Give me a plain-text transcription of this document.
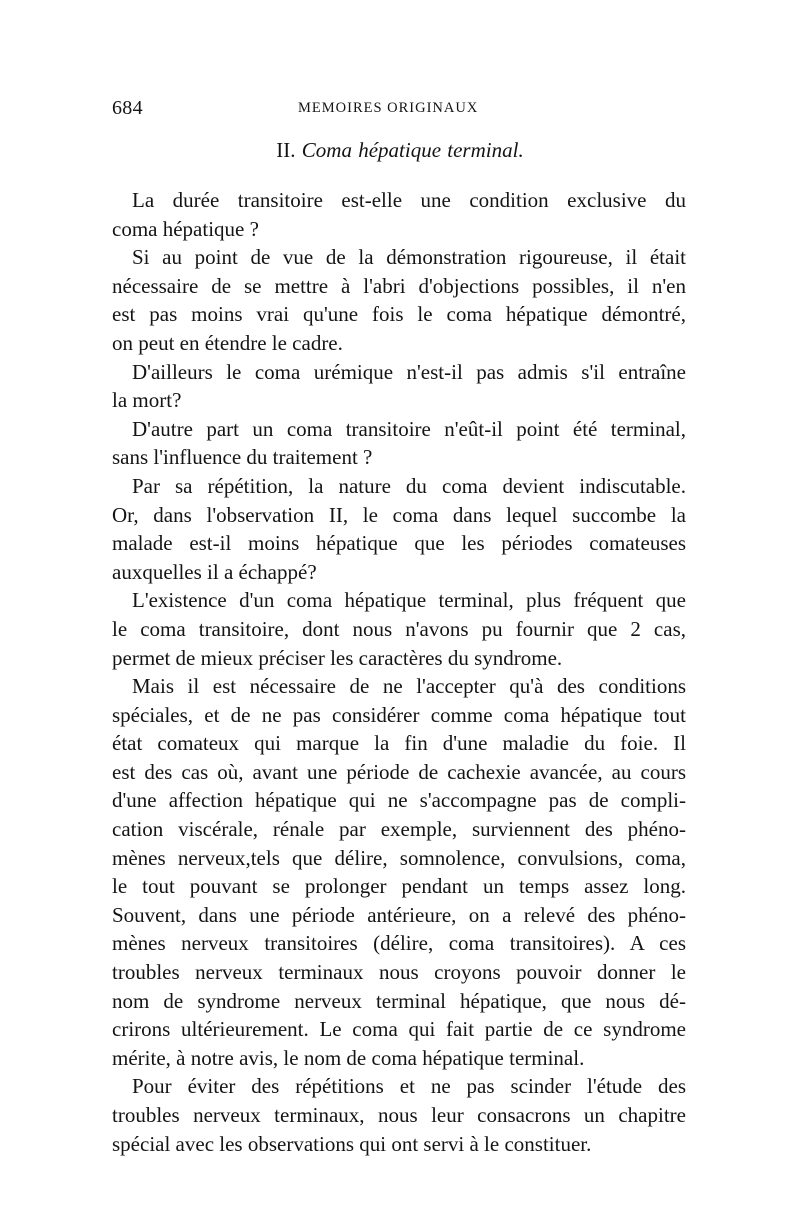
684	MEMOIRES ORIGINAUX
II. Coma hépatique terminal.
La durée transitoire est-elle une condition exclusive du
coma hépatique ?
Si au point de vue de la démonstration rigoureuse, il était
nécessaire de se mettre à l'abri d'objections possibles, il n'en
est pas moins vrai qu'une fois le coma hépatique démontré,
on peut en étendre le cadre.
D'ailleurs le coma urémique n'est-il pas admis s'il entraîne
la mort?
D'autre part un coma transitoire n'eût-il point été terminal,
sans l'influence du traitement ?
Par sa répétition, la nature du coma devient indiscutable.
Or, dans l'observation II, le coma dans lequel succombe la
malade est-il moins hépatique que les périodes comateuses
auxquelles il a échappé?
L'existence d'un coma hépatique terminal, plus fréquent que
le coma transitoire, dont nous n'avons pu fournir que 2 cas,
permet de mieux préciser les caractères du syndrome.
Mais il est nécessaire de ne l'accepter qu'à des conditions
spéciales, et de ne pas considérer comme coma hépatique tout
état comateux qui marque la fin d'une maladie du foie. Il
est des cas où, avant une période de cachexie avancée, au cours
d'une affection hépatique qui ne s'accompagne pas de compli-
cation viscérale, rénale par exemple, surviennent des phéno-
mènes nerveux,tels que délire, somnolence, convulsions, coma,
le tout pouvant se prolonger pendant un temps assez long.
Souvent, dans une période antérieure, on a relevé des phéno-
mènes nerveux transitoires (délire, coma transitoires). A ces
troubles nerveux terminaux nous croyons pouvoir donner le
nom de syndrome nerveux terminal hépatique, que nous dé-
crirons ultérieurement. Le coma qui fait partie de ce syndrome
mérite, à notre avis, le nom de coma hépatique terminal.
Pour éviter des répétitions et ne pas scinder l'étude des
troubles nerveux terminaux, nous leur consacrons un chapitre
spécial avec les observations qui ont servi à le constituer.
